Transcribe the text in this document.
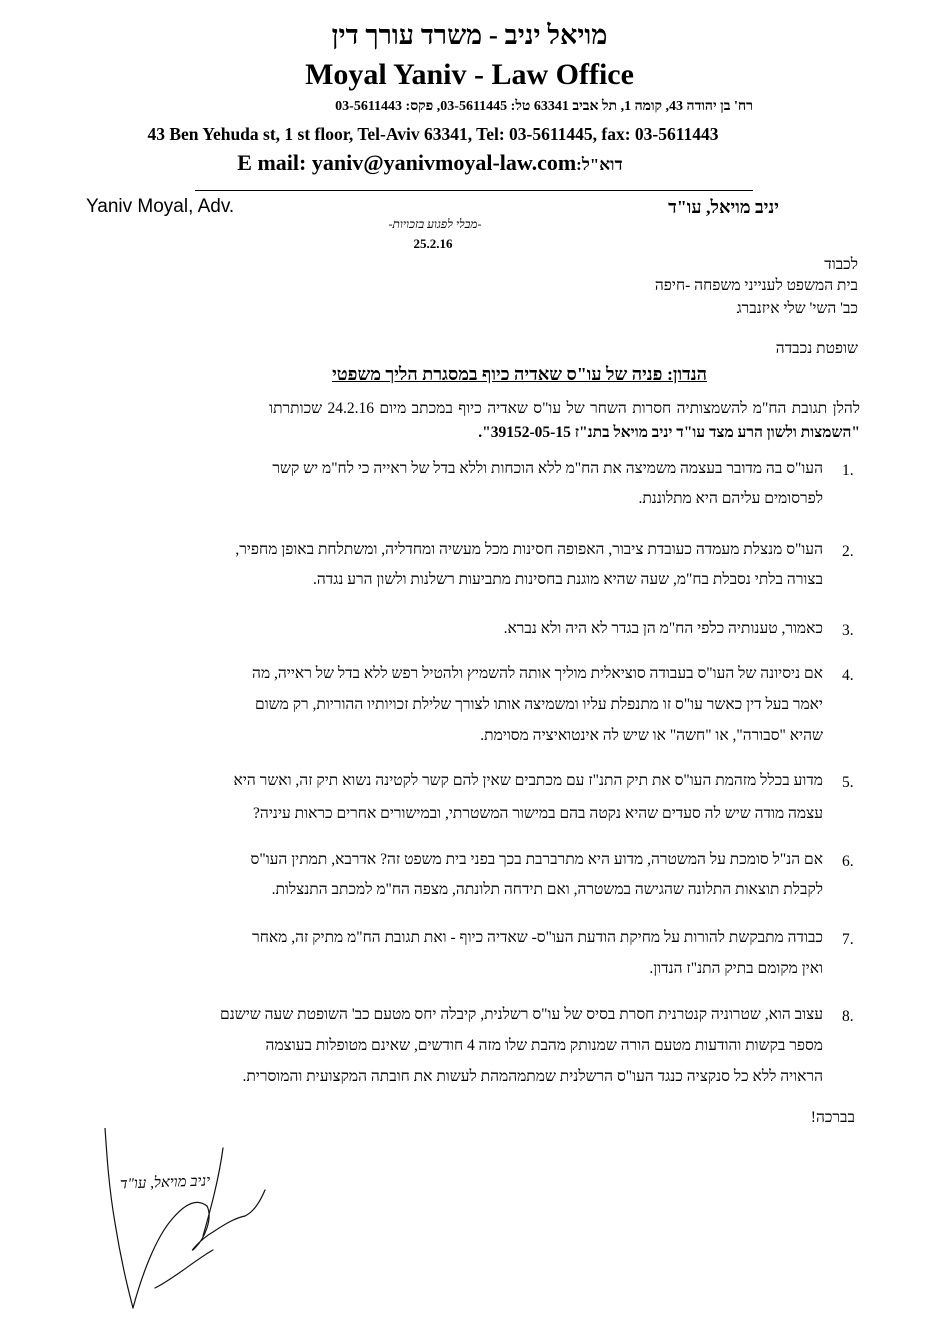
מויאל יניב - משרד עורך דין
Moyal Yaniv - Law Office
רח' בן יהודה 43, קומה 1, תל אביב 63341 טל: 03-5611445, פקס: 03-5611443
43 Ben Yehuda st, 1 st floor, Tel-Aviv 63341, Tel: 03-5611445, fax: 03-5611443
E mail: yaniv@yanivmoyal-law.com:דוא"ל
Yaniv Moyal, Adv.	יניב מויאל, עו"ד
-מבלי לפגוע בזכויות-
25.2.16
לכבוד
בית המשפט לענייני משפחה -חיפה
כב' השי' שלי איזנברג
שופטת נכבדה
הנדון: פניה של עו"ס שאדיה כיוף במסגרת הליך משפטי
להלן תגובת הח"מ להשמצותיה חסרות השחר של עו"ס שאדיה כיוף במכתב מיום 24.2.16 שכותרתו
"השמצות ולשון הרע מצד עו"ד יניב מויאל בתנ"ז 39152-05-15".
1.
העו"ס בה מדובר בעצמה משמיצה את הח"מ ללא הוכחות וללא בדל של ראייה כי לח"מ יש קשר
לפרסומים עליהם היא מתלוננת.
2.
העו"ס מנצלת מעמדה כעובדת ציבור, האפופה חסינות מכל מעשיה ומחדליה, ומשתלחת באופן מחפיר,
בצורה בלתי נסבלת בח"מ, שעה שהיא מוגנת בחסינות מתביעות רשלנות ולשון הרע נגדה.
3.
כאמור, טענותיה כלפי הח"מ הן בגדר לא היה ולא נברא.
4.
אם ניסיונה של העו"ס בעבודה סוציאלית מוליך אותה להשמיץ ולהטיל רפש ללא בדל של ראייה, מה
יאמר בעל דין כאשר עו"ס זו מתנפלת עליו ומשמיצה אותו לצורך שלילת זכויותיו ההוריות, רק משום
שהיא "סבורה", או "חשה" או שיש לה אינטואיציה מסוימת.
5.
מדוע בכלל מזהמת העו"ס את תיק התנ"ז עם מכתבים שאין להם קשר לקטינה נשוא תיק זה, ואשר היא
עצמה מודה שיש לה סעדים שהיא נקטה בהם במישור המשטרתי, ובמישורים אחרים כראות עיניה?
6.
אם הנ"ל סומכת על המשטרה, מדוע היא מתרברבת בכך בפני בית משפט זה? אדרבא, תמתין העו"ס
לקבלת תוצאות התלונה שהגישה במשטרה, ואם תידחה תלונתה, מצפה הח"מ למכתב התנצלות.
7.
כבודה מתבקשת להורות על מחיקת הודעת העו"ס- שאדיה כיוף - ואת תגובת הח"מ מתיק זה, מאחר
ואין מקומם בתיק התנ"ז הנדון.
8.
עצוב הוא, שטרוניה קנטרנית חסרת בסיס של עו"ס רשלנית, קיבלה יחס מטעם כב' השופטת שעה שישנם
מספר בקשות והודעות מטעם הורה שמנותק מהבת שלו מזה 4 חודשים, שאינם מטופלות בעוצמה
הראויה ללא כל סנקציה כנגד העו"ס הרשלנית שמתמהמהת לעשות את חובתה המקצועית והמוסרית.
בברכה!
יניב מויאל, עו"ד
